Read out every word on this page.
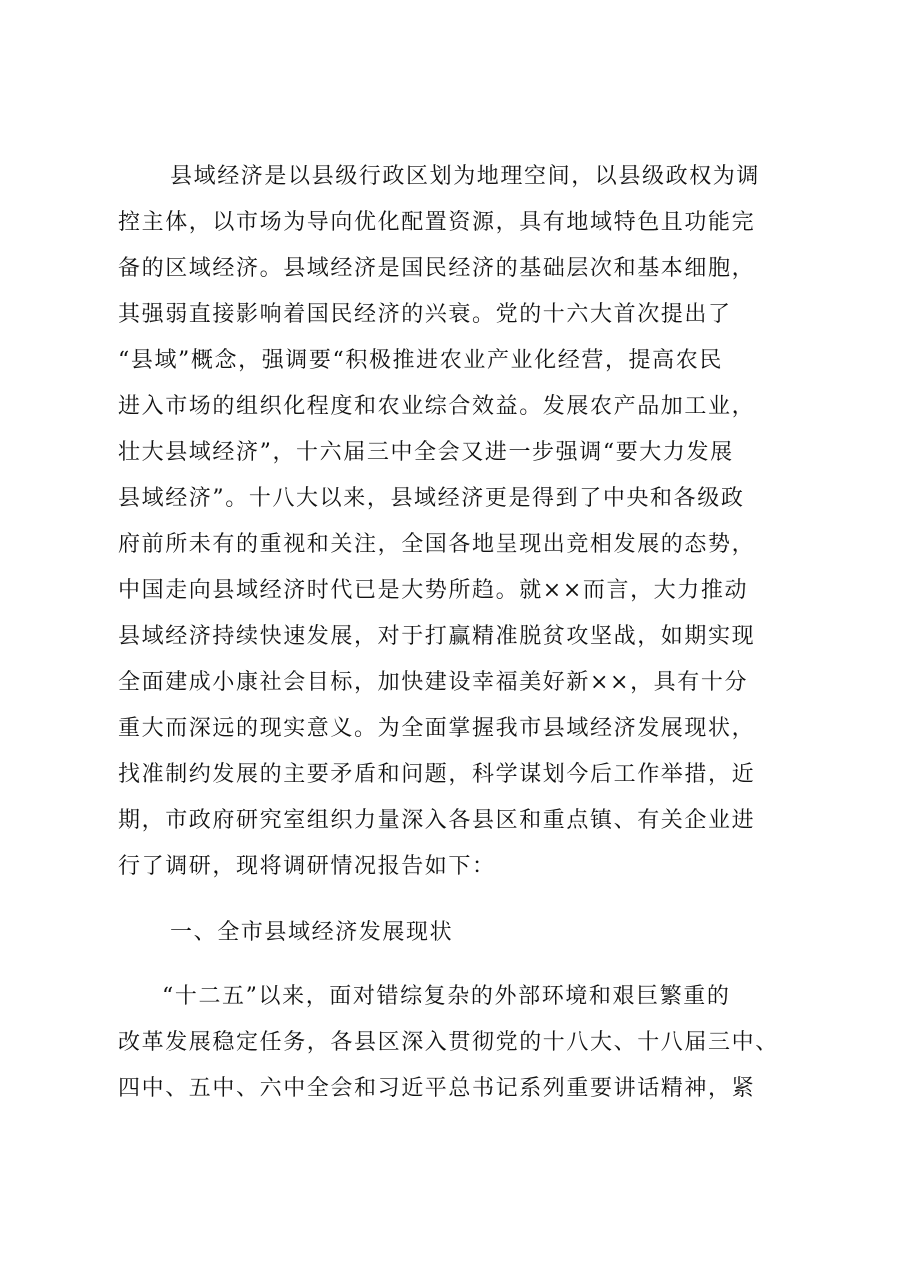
县域经济是以县级行政区划为地理空间，以县级政权为调
控主体，以市场为导向优化配置资源，具有地域特色且功能完
备的区域经济。县域经济是国民经济的基础层次和基本细胞，
其强弱直接影响着国民经济的兴衰。党的十六大首次提出了
“县域”概念，强调要“积极推进农业产业化经营，提高农民
进入市场的组织化程度和农业综合效益。发展农产品加工业，
壮大县域经济”，十六届三中全会又进一步强调“要大力发展
县域经济”。十八大以来，县域经济更是得到了中央和各级政
府前所未有的重视和关注，全国各地呈现出竞相发展的态势，
中国走向县域经济时代已是大势所趋。就××而言，大力推动
县域经济持续快速发展，对于打赢精准脱贫攻坚战，如期实现
全面建成小康社会目标，加快建设幸福美好新××，具有十分
重大而深远的现实意义。为全面掌握我市县域经济发展现状，
找准制约发展的主要矛盾和问题，科学谋划今后工作举措，近
期，市政府研究室组织力量深入各县区和重点镇、有关企业进
行了调研，现将调研情况报告如下：
一、全市县域经济发展现状
“十二五”以来，面对错综复杂的外部环境和艰巨繁重的
改革发展稳定任务，各县区深入贯彻党的十八大、十八届三中、
四中、五中、六中全会和习近平总书记系列重要讲话精神，紧
